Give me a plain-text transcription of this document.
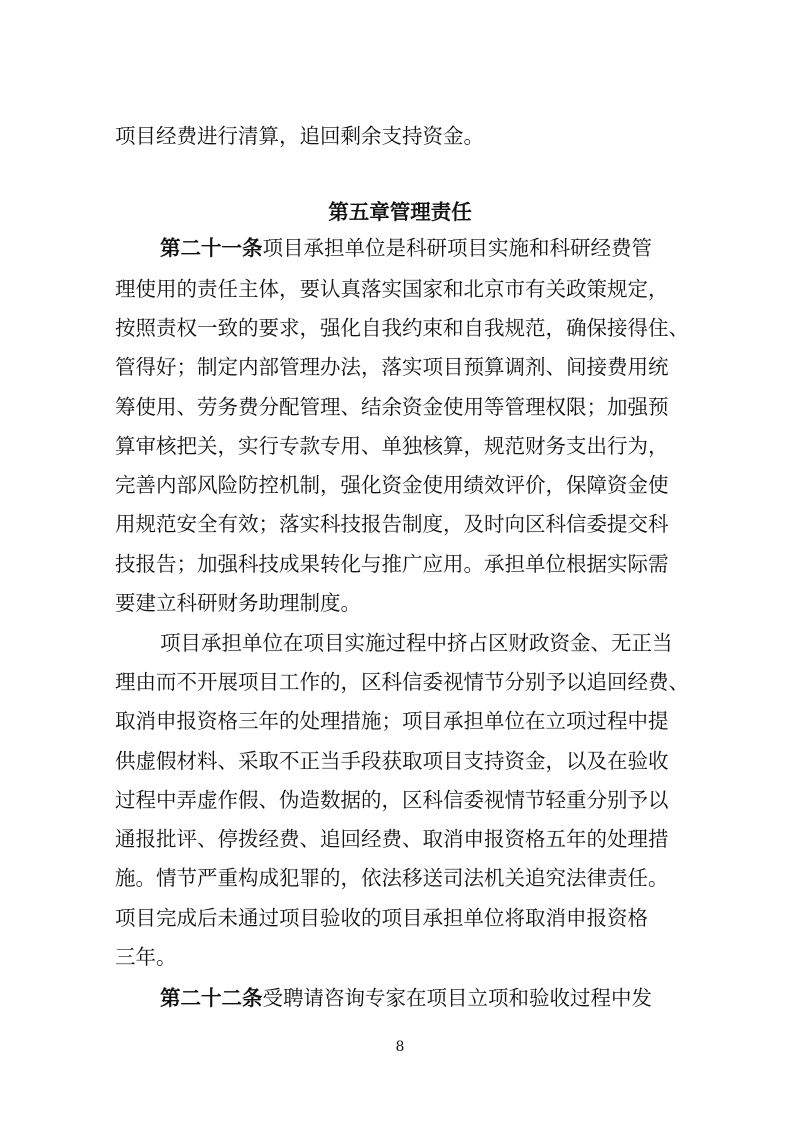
项目经费进行清算，追回剩余支持资金。
第五章管理责任
第二十一条项目承担单位是科研项目实施和科研经费管
理使用的责任主体，要认真落实国家和北京市有关政策规定，
按照责权一致的要求，强化自我约束和自我规范，确保接得住、
管得好；制定内部管理办法，落实项目预算调剂、间接费用统
筹使用、劳务费分配管理、结余资金使用等管理权限；加强预
算审核把关，实行专款专用、单独核算，规范财务支出行为，
完善内部风险防控机制，强化资金使用绩效评价，保障资金使
用规范安全有效；落实科技报告制度，及时向区科信委提交科
技报告；加强科技成果转化与推广应用。承担单位根据实际需
要建立科研财务助理制度。
项目承担单位在项目实施过程中挤占区财政资金、无正当
理由而不开展项目工作的，区科信委视情节分别予以追回经费、
取消申报资格三年的处理措施；项目承担单位在立项过程中提
供虚假材料、采取不正当手段获取项目支持资金，以及在验收
过程中弄虚作假、伪造数据的，区科信委视情节轻重分别予以
通报批评、停拨经费、追回经费、取消申报资格五年的处理措
施。情节严重构成犯罪的，依法移送司法机关追究法律责任。
项目完成后未通过项目验收的项目承担单位将取消申报资格
三年。
第二十二条受聘请咨询专家在项目立项和验收过程中发
8
